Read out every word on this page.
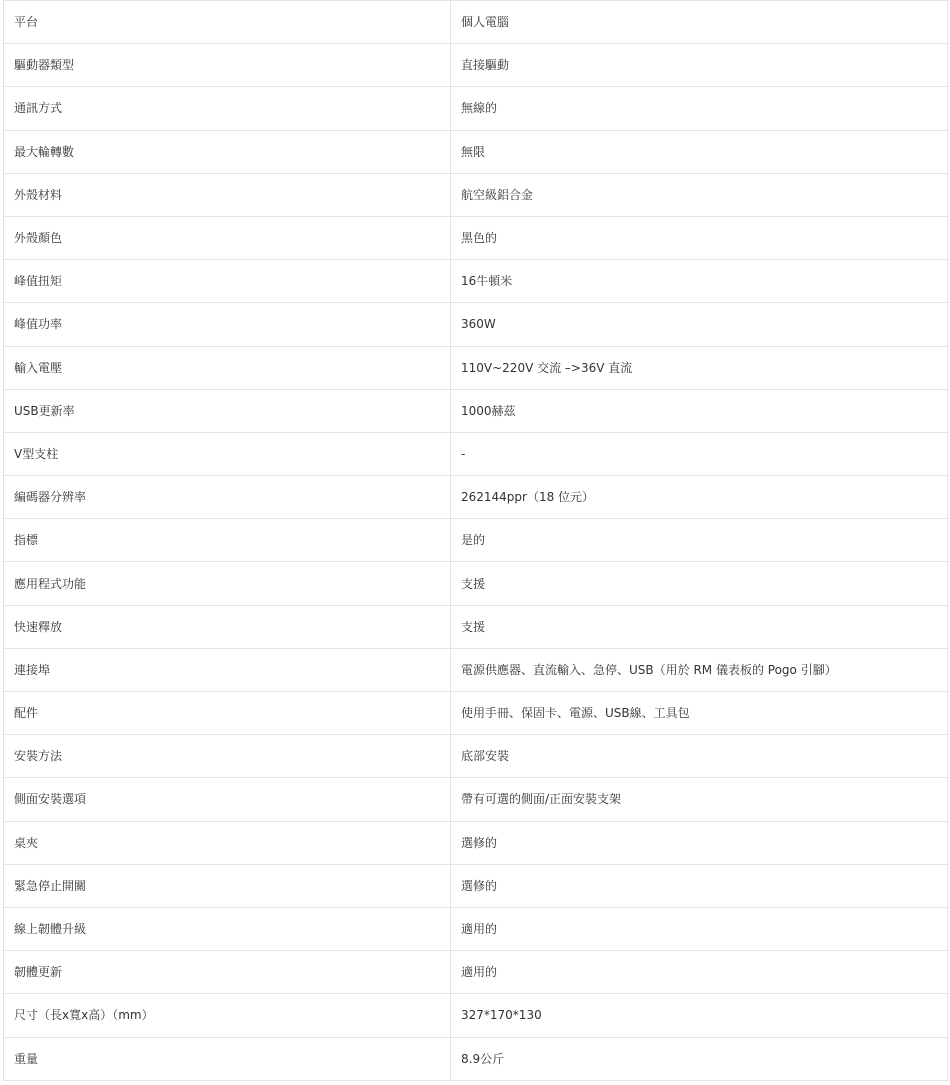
平台	個人電腦
驅動器類型	直接驅動
通訊方式	無線的
最大輪轉數	無限
外殼材料	航空級鋁合金
外殼顏色	黑色的
峰值扭矩	16牛頓米
峰值功率	360W
輸入電壓	110V~220V 交流 –>36V 直流
USB更新率	1000赫茲
V型支柱	-
編碼器分辨率	262144ppr（18 位元）
指標	是的
應用程式功能	支援
快速釋放	支援
連接埠	電源供應器、直流輸入、急停、USB（用於 RM 儀表板的 Pogo 引腳）
配件	使用手冊、保固卡、電源、USB線、工具包
安裝方法	底部安裝
側面安裝選項	帶有可選的側面/正面安裝支架
桌夾	選修的
緊急停止開關	選修的
線上韌體升級	適用的
韌體更新	適用的
尺寸（長x寬x高）（mm）	327*170*130
重量	8.9公斤
